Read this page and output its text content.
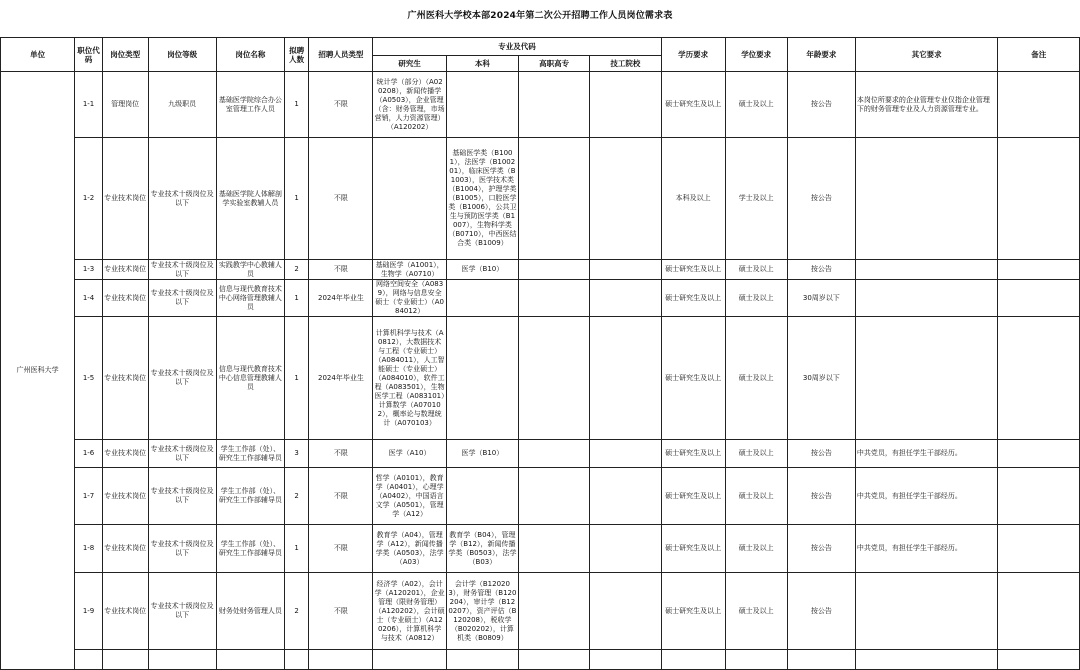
广州医科大学校本部2024年第二次公开招聘工作人员岗位需求表
单位	职位代码	岗位类型	岗位等级	岗位名称	拟聘人数	招聘人员类型	专业及代码				学历要求	学位要求	年龄要求	其它要求	备注
							研究生	本科	高职高专	技工院校					
广州医科大学	1-1	管理岗位	九级职员	基础医学院综合办公室管理工作人员	1	不限	统计学（部分）（A020208），新闻传播学（A0503），企业管理（含：财务管理，市场营销，人力资源管理）（A120202）				硕士研究生及以上	硕士及以上	按公告	本岗位所要求的企业管理专业仅指企业管理下的财务管理专业及人力资源管理专业。	
	1-2	专业技术岗位	专业技术十级岗位及以下	基础医学院人体解剖学实验室教辅人员	1	不限		基础医学类（B1001），法医学（B100201），临床医学类（B1003），医学技术类（B1004），护理学类（B1005），口腔医学类（B1006），公共卫生与预防医学类（B1007），生物科学类（B0710），中西医结合类（B1009）			本科及以上	学士及以上	按公告		
	1-3	专业技术岗位	专业技术十级岗位及以下	实践教学中心教辅人员	2	不限	基础医学（A1001），生物学（A0710）	医学（B10）			硕士研究生及以上	硕士及以上	按公告		
	1-4	专业技术岗位	专业技术十级岗位及以下	信息与现代教育技术中心网络管理教辅人员	1	2024年毕业生	网络空间安全（A0839），网络与信息安全硕士（专业硕士）（A084012）				硕士研究生及以上	硕士及以上	30周岁以下		
	1-5	专业技术岗位	专业技术十级岗位及以下	信息与现代教育技术中心信息管理教辅人员	1	2024年毕业生	计算机科学与技术（A0812），大数据技术与工程（专业硕士）（A084011），人工智能硕士（专业硕士）（A084010），软件工程（A083501），生物医学工程（A083101）计算数学（A070102），概率论与数理统计（A070103）				硕士研究生及以上	硕士及以上	30周岁以下		
	1-6	专业技术岗位	专业技术十级岗位及以下	学生工作部（处）、研究生工作部辅导员	3	不限	医学（A10）	医学（B10）			硕士研究生及以上	硕士及以上	按公告	中共党员，有担任学生干部经历。	
	1-7	专业技术岗位	专业技术十级岗位及以下	学生工作部（处）、研究生工作部辅导员	2	不限	哲学（A0101），教育学（A0401），心理学（A0402），中国语言文学（A0501），管理学（A12）				硕士研究生及以上	硕士及以上	按公告	中共党员，有担任学生干部经历。	
	1-8	专业技术岗位	专业技术十级岗位及以下	学生工作部（处）、研究生工作部辅导员	1	不限	教育学（A04），管理学（A12），新闻传播学类（A0503），法学（A03）	教育学（B04），管理学（B12），新闻传播学类（B0503），法学（B03）			硕士研究生及以上	硕士及以上	按公告	中共党员，有担任学生干部经历。	
	1-9	专业技术岗位	专业技术十级岗位及以下	财务处财务管理人员	2	不限	经济学（A02），会计学（A120201），企业管理（限财务管理）（A120202），会计硕士（专业硕士）（A120206），计算机科学与技术（A0812）	会计学（B120203），财务管理（B120204），审计学（B120207），资产评估（B120208），税收学（B020202），计算机类（B0809）			硕士研究生及以上	硕士及以上	按公告		
